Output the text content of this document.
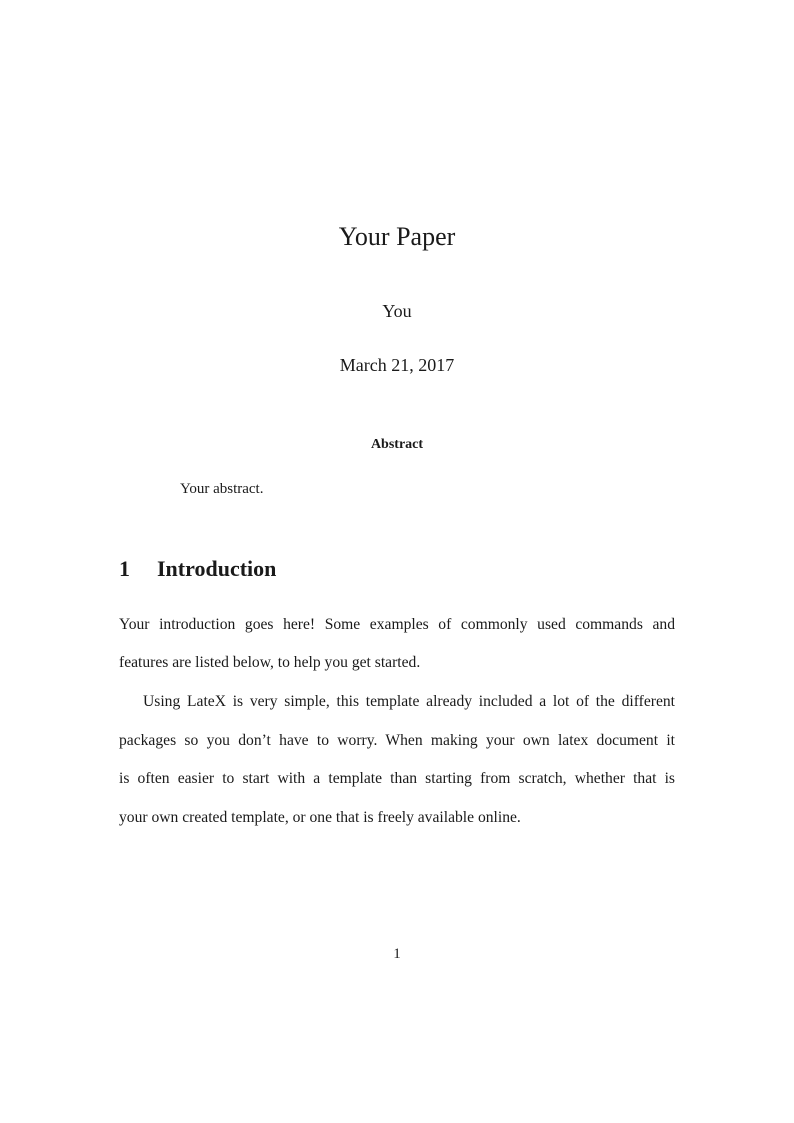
Your Paper
You
March 21, 2017
Abstract
Your abstract.
1 Introduction
Your introduction goes here! Some examples of commonly used commands and
features are listed below, to help you get started.
Using LateX is very simple, this template already included a lot of the different
packages so you don’t have to worry. When making your own latex document it
is often easier to start with a template than starting from scratch, whether that is
your own created template, or one that is freely available online.
1
